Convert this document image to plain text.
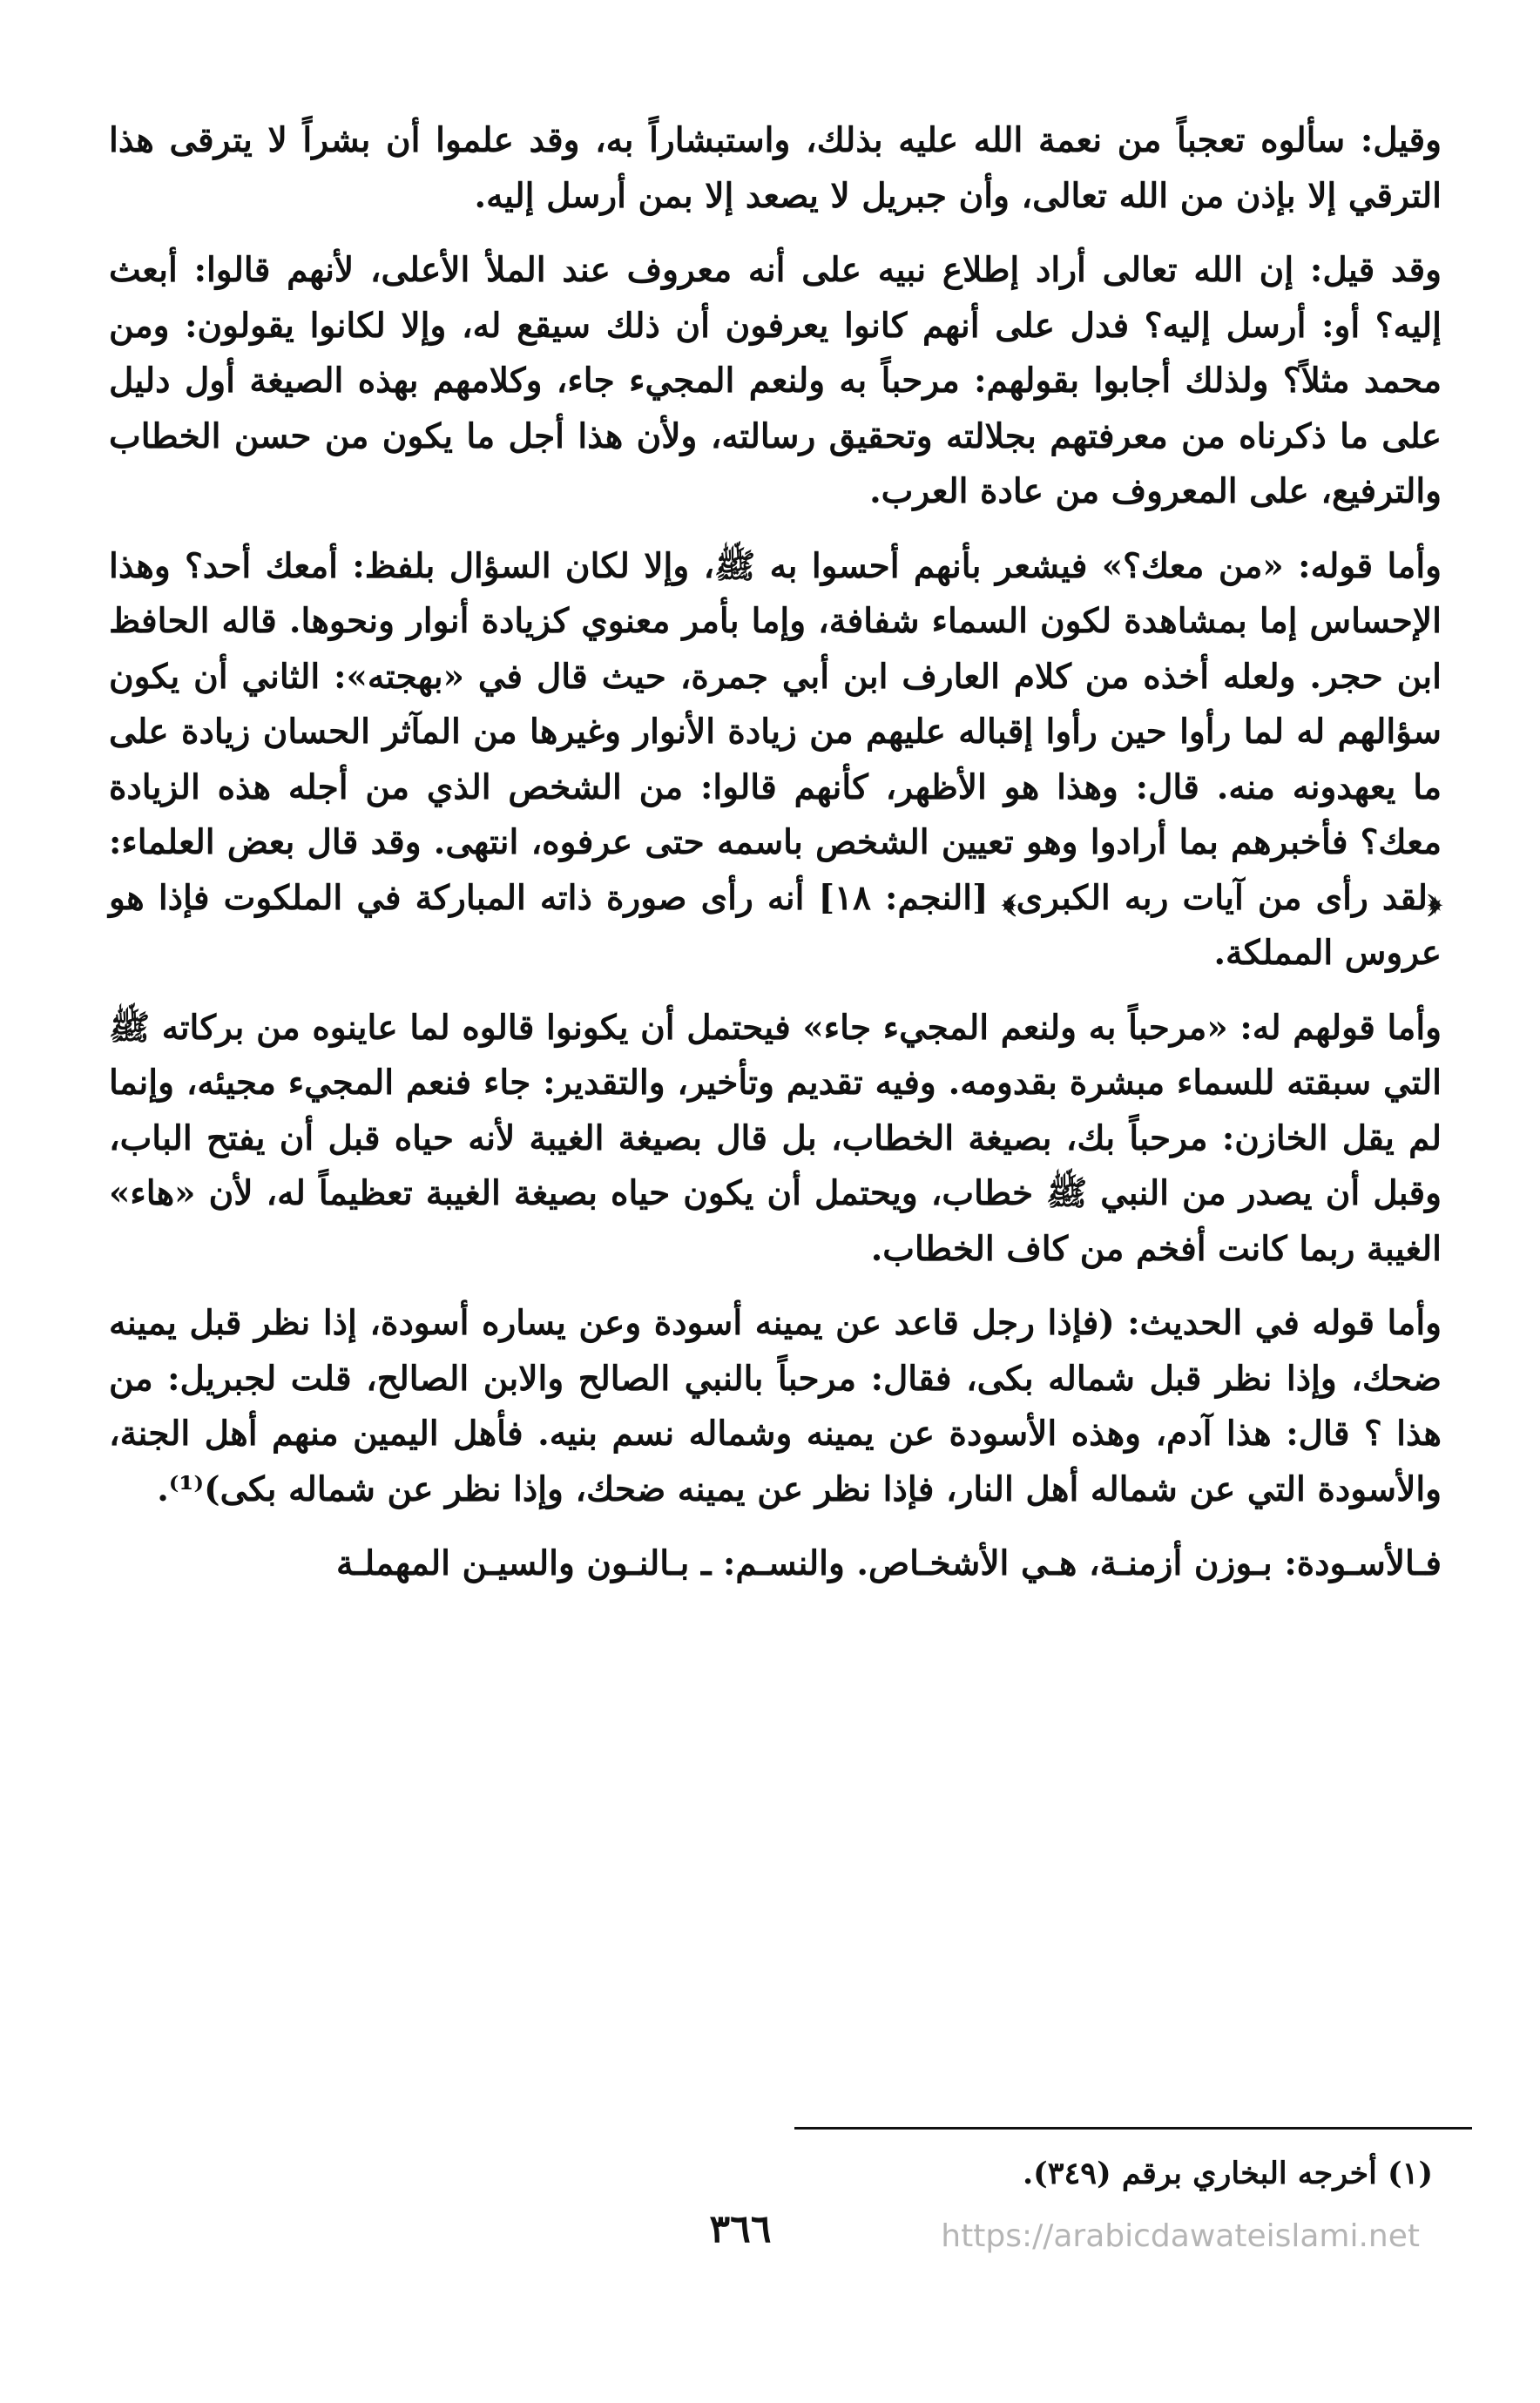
وقيل: سألوه تعجباً من نعمة الله عليه بذلك، واستبشاراً به، وقد علموا أن بشراً لا يترقى هذا الترقي إلا بإذن من الله تعالى، وأن جبريل لا يصعد إلا بمن أرسل إليه.

وقد قيل: إن الله تعالى أراد إطلاع نبيه على أنه معروف عند الملأ الأعلى، لأنهم قالوا: أبعث إليه؟ أو: أرسل إليه؟ فدل على أنهم كانوا يعرفون أن ذلك سيقع له، وإلا لكانوا يقولون: ومن محمد مثلاً؟ ولذلك أجابوا بقولهم: مرحباً به ولنعم المجيء جاء، وكلامهم بهذه الصيغة أول دليل على ما ذكرناه من معرفتهم بجلالته وتحقيق رسالته، ولأن هذا أجل ما يكون من حسن الخطاب والترفيع، على المعروف من عادة العرب.

وأما قوله: «من معك؟» فيشعر بأنهم أحسوا به ﷺ، وإلا لكان السؤال بلفظ: أمعك أحد؟ وهذا الإحساس إما بمشاهدة لكون السماء شفافة، وإما بأمر معنوي كزيادة أنوار ونحوها. قاله الحافظ ابن حجر. ولعله أخذه من كلام العارف ابن أبي جمرة، حيث قال في «بهجته»: الثاني أن يكون سؤالهم له لما رأوا حين رأوا إقباله عليهم من زيادة الأنوار وغيرها من المآثر الحسان زيادة على ما يعهدونه منه. قال: وهذا هو الأظهر، كأنهم قالوا: من الشخص الذي من أجله هذه الزيادة معك؟ فأخبرهم بما أرادوا وهو تعيين الشخص باسمه حتى عرفوه، انتهى. وقد قال بعض العلماء: ﴿لقد رأى من آيات ربه الكبرى﴾ [النجم: ١٨] أنه رأى صورة ذاته المباركة في الملكوت فإذا هو عروس المملكة.

وأما قولهم له: «مرحباً به ولنعم المجيء جاء» فيحتمل أن يكونوا قالوه لما عاينوه من بركاته ﷺ التي سبقته للسماء مبشرة بقدومه. وفيه تقديم وتأخير، والتقدير: جاء فنعم المجيء مجيئه، وإنما لم يقل الخازن: مرحباً بك، بصيغة الخطاب، بل قال بصيغة الغيبة لأنه حياه قبل أن يفتح الباب، وقبل أن يصدر من النبي ﷺ خطاب، ويحتمل أن يكون حياه بصيغة الغيبة تعظيماً له، لأن «هاء» الغيبة ربما كانت أفخم من كاف الخطاب.

وأما قوله في الحديث: (فإذا رجل قاعد عن يمينه أسودة وعن يساره أسودة، إذا نظر قبل يمينه ضحك، وإذا نظر قبل شماله بكى، فقال: مرحباً بالنبي الصالح والابن الصالح، قلت لجبريل: من هذا ؟ قال: هذا آدم، وهذه الأسودة عن يمينه وشماله نسم بنيه. فأهل اليمين منهم أهل الجنة، والأسودة التي عن شماله أهل النار، فإذا نظر عن يمينه ضحك، وإذا نظر عن شماله بكى)⁽¹⁾.

فـالأسـودة: بـوزن أزمنـة، هـي الأشخـاص. والنسـم: ـ بـالنـون والسيـن المهملـة

(١) أخرجه البخاري برقم (٣٤٩).
٣٦٦	https://arabicdawateislami.net
